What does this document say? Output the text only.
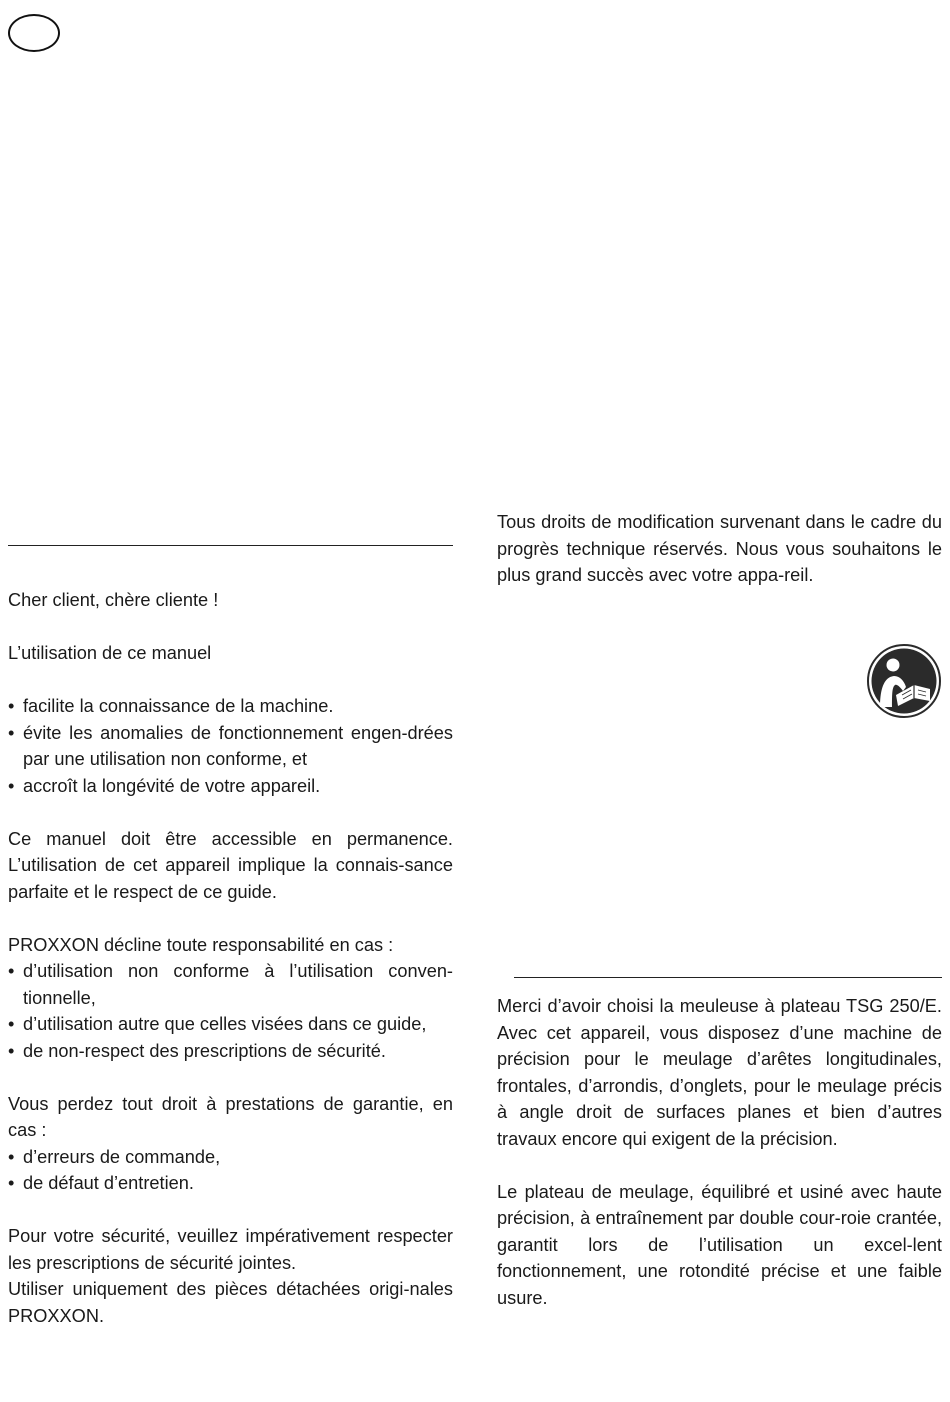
Cher client, chère cliente !

L’utilisation de ce manuel

• facilite la connaissance de la machine.
• évite les anomalies de fonctionnement engen-drées par une utilisation non conforme, et
• accroît la longévité de votre appareil.

Ce manuel doit être accessible en permanence. L’utilisation de cet appareil implique la connais-sance parfaite et le respect de ce guide.

PROXXON décline toute responsabilité en cas :

• d’utilisation non conforme à l’utilisation conven-tionnelle,
• d’utilisation autre que celles visées dans ce guide,
• de non-respect des prescriptions de sécurité.

Vous perdez tout droit à prestations de garantie, en cas :

• d’erreurs de commande,
• de défaut d’entretien.

Pour votre sécurité, veuillez impérativement respecter les prescriptions de sécurité jointes.

Utiliser uniquement des pièces détachées origi-nales PROXXON.

Tous droits de modification survenant dans le cadre du progrès technique réservés. Nous vous souhaitons le plus grand succès avec votre appa-reil.

Merci d’avoir choisi la meuleuse à plateau TSG 250/E. Avec cet appareil, vous disposez d’une machine de précision pour le meulage d’arêtes longitudinales, frontales, d’arrondis, d’onglets, pour le meulage précis à angle droit de surfaces planes et bien d’autres travaux encore qui exigent de la précision.

Le plateau de meulage, équilibré et usiné avec haute précision, à entraînement par double cour-roie crantée, garantit lors de l’utilisation un excel-lent fonctionnement, une rotondité précise et une faible usure.
